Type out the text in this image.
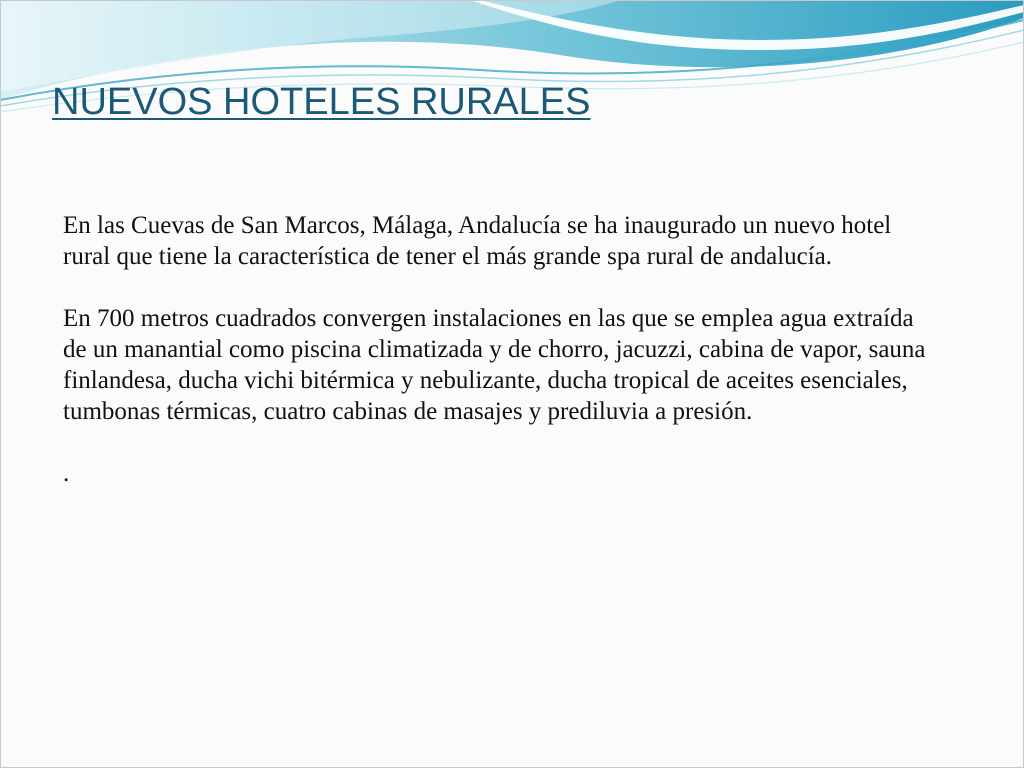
NUEVOS HOTELES RURALES

En las Cuevas de San Marcos, Málaga, Andalucía se ha inaugurado un nuevo hotel rural que tiene la característica de tener el más grande spa rural de andalucía.

En 700 metros cuadrados convergen instalaciones en las que se emplea agua extraída de un manantial como piscina climatizada y de chorro, jacuzzi, cabina de vapor, sauna finlandesa, ducha vichi bitérmica y nebulizante, ducha tropical de aceites esenciales, tumbonas térmicas, cuatro cabinas de masajes y prediluvia a presión.

.
